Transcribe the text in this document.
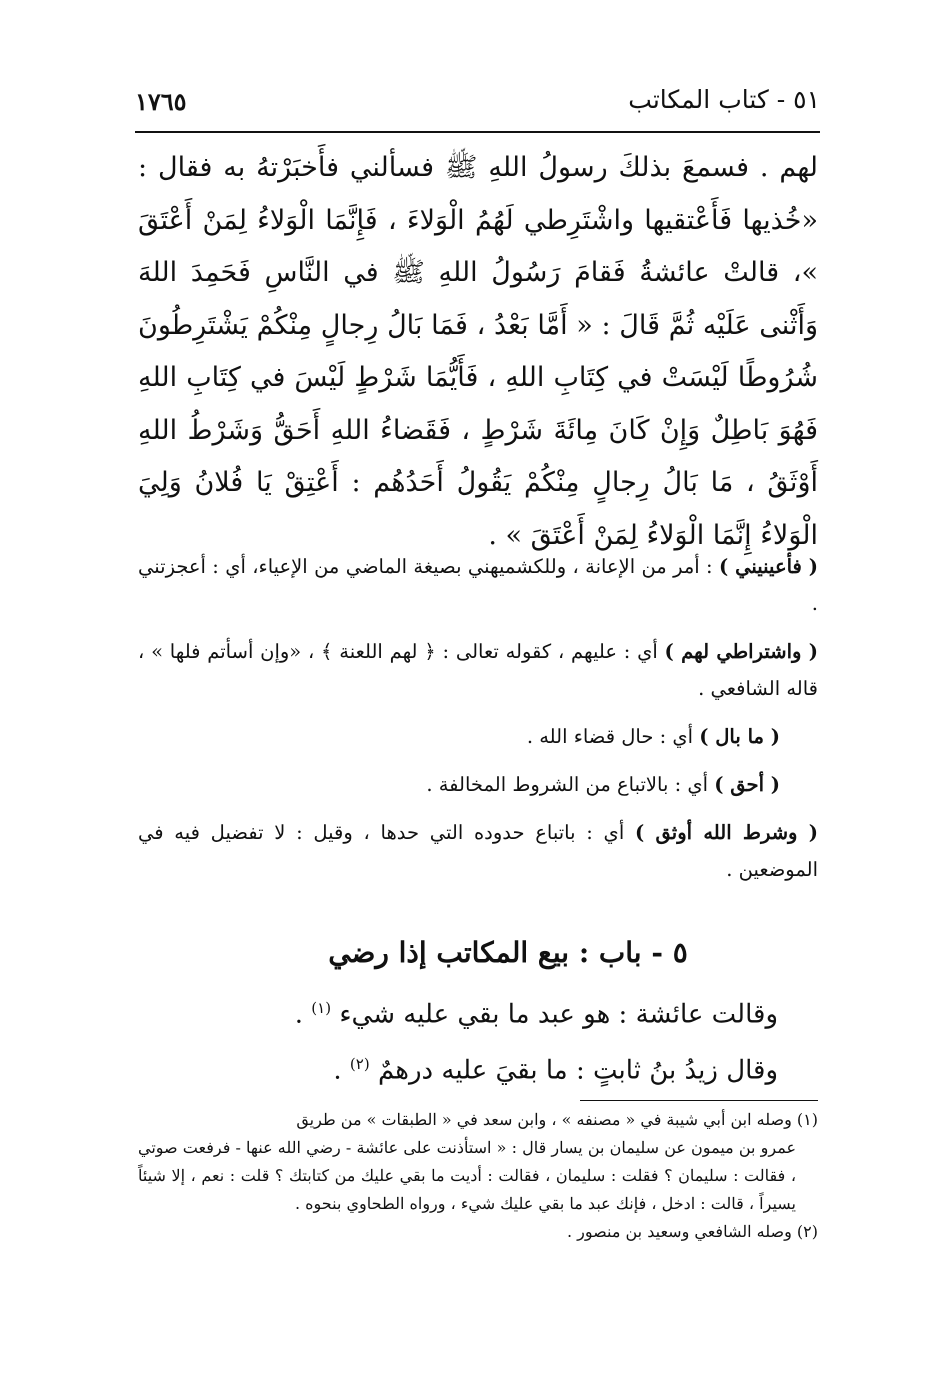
٥١ - كتاب المكاتب
١٧٦٥

لهم . فسمعَ بذلكَ رسولُ اللهِ ﷺ فسألني فأَخبَرْتهُ به فقال : «خُذيها فَأَعْتقيها واشْتَرِطي لَهُمُ الْوَلاءَ ، فَإِنَّمَا الْوَلاءُ لِمَنْ أَعْتَقَ »، قالتْ عائشةُ فَقامَ رَسُولُ اللهِ ﷺ في النَّاسِ فَحَمِدَ اللهَ وَأَثْنى عَلَيْه ثُمَّ قَالَ : « أَمَّا بَعْدُ ، فَمَا بَالُ رِجالٍ مِنْكُمْ يَشْتَرِطُونَ شُرُوطًا لَيْسَتْ في كِتَابِ اللهِ ، فَأَيُّمَا شَرْطٍ لَيْسَ في كِتَابِ اللهِ فَهُوَ بَاطِلٌ وَإِنْ كَانَ مِائَةَ شَرْطٍ ، فَقَضاءُ اللهِ أَحَقُّ وَشَرْطُ اللهِ أَوْثَقُ ، مَا بَالُ رِجالٍ مِنْكُمْ يَقُولُ أَحَدُهُم : أَعْتِقْ يَا فُلانُ وَلِيَ الْوَلاءُ إِنَّمَا الْوَلاءُ لِمَنْ أَعْتَقَ » .

( فأعينيني ) : أمر من الإعانة ، وللكشميهني بصيغة الماضي من الإعياء، أي : أعجزتني .
( واشتراطي لهم ) أي : عليهم ، كقوله تعالى : ﴿ لهم اللعنة ﴾ ، «وإن أسأتم فلها » ، قاله الشافعي .
( ما بال ) أي : حال قضاء الله .
( أحق ) أي : بالاتباع من الشروط المخالفة .
( وشرط الله أوثق ) أي : باتباع حدوده التي حدها ، وقيل : لا تفضيل فيه في الموضعين .
٥ - باب : بيع المكاتب إذا رضي
وقالت عائشة : هو عبد ما بقي عليه شيء $^{(١)}$ .
وقال زيدُ بنُ ثابتٍ : ما بقيَ عليه درهمٌ $^{(٢)}$ .
(١) وصله ابن أبي شيبة في « مصنفه » ، وابن سعد في « الطبقات » من طريق
عمرو بن ميمون عن سليمان بن يسار قال : « استأذنت على عائشة - رضي الله عنها - فرفعت صوتي ، فقالت : سليمان ؟ فقلت : سليمان ، فقالت : أديت ما بقي عليك من كتابتك ؟ قلت : نعم ، إلا شيئاً يسيراً ، قالت : ادخل ، فإنك عبد ما بقي عليك شيء ، ورواه الطحاوي بنحوه .
(٢) وصله الشافعي وسعيد بن منصور .
